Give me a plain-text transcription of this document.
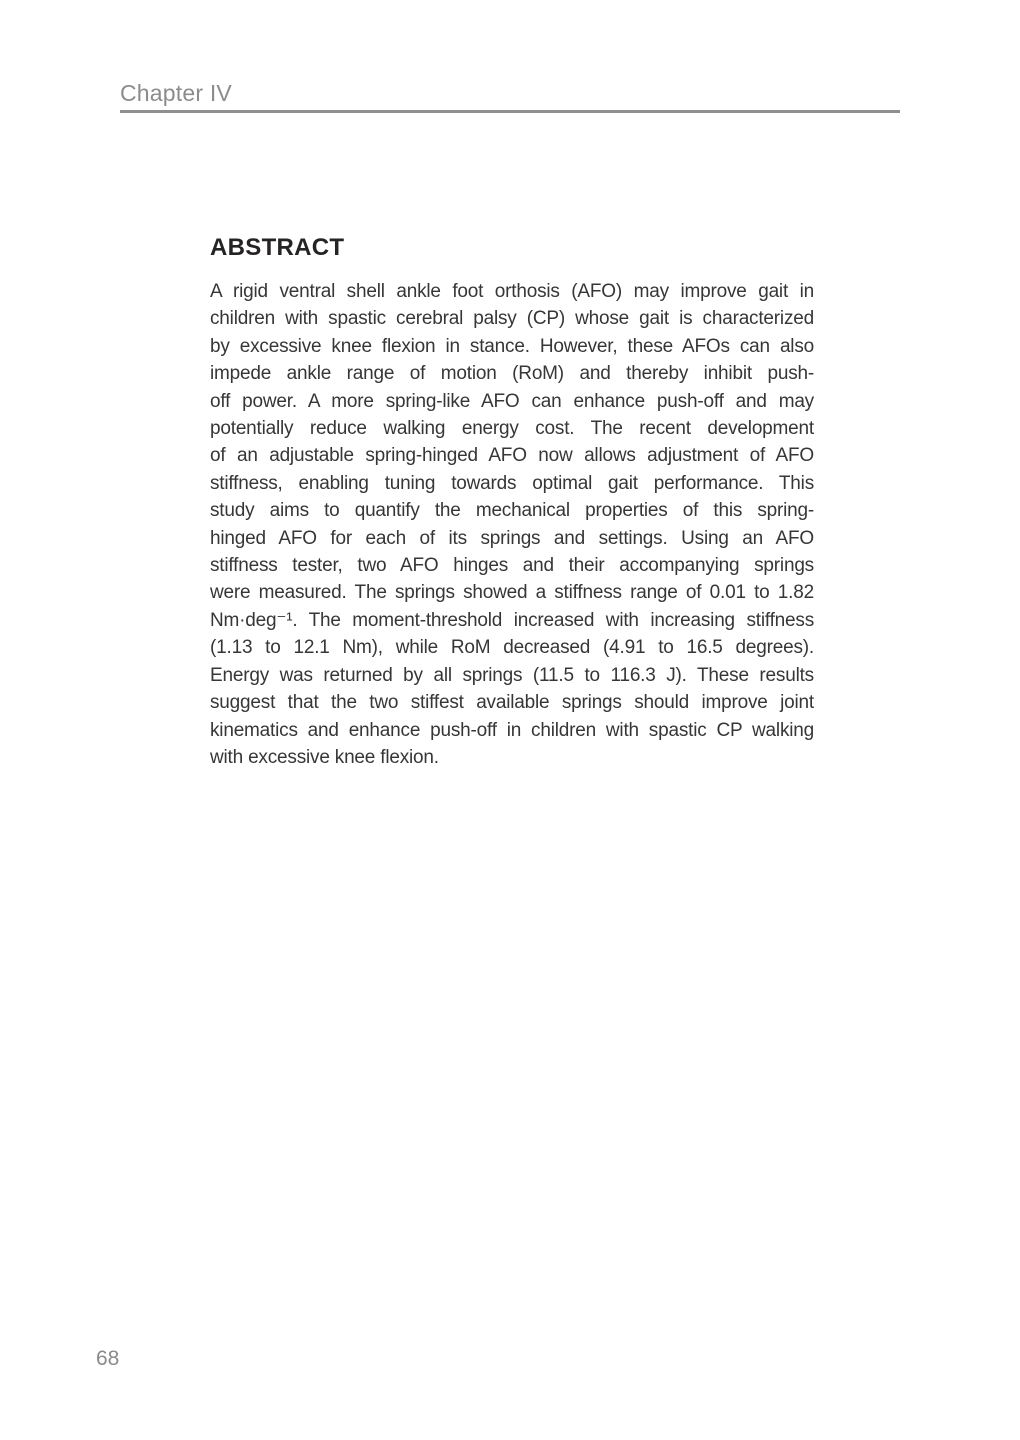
Chapter IV
ABSTRACT
A rigid ventral shell ankle foot orthosis (AFO) may improve gait in
children with spastic cerebral palsy (CP) whose gait is characterized
by excessive knee flexion in stance. However, these AFOs can also
impede ankle range of motion (RoM) and thereby inhibit push-
off power. A more spring-like AFO can enhance push-off and may
potentially reduce walking energy cost. The recent development
of an adjustable spring-hinged AFO now allows adjustment of AFO
stiffness, enabling tuning towards optimal gait performance. This
study aims to quantify the mechanical properties of this spring-
hinged AFO for each of its springs and settings. Using an AFO
stiffness tester, two AFO hinges and their accompanying springs
were measured. The springs showed a stiffness range of 0.01 to 1.82
Nm·deg⁻¹. The moment-threshold increased with increasing stiffness
(1.13 to 12.1 Nm), while RoM decreased (4.91 to 16.5 degrees).
Energy was returned by all springs (11.5 to 116.3 J). These results
suggest that the two stiffest available springs should improve joint
kinematics and enhance push-off in children with spastic CP walking
with excessive knee flexion.
68
